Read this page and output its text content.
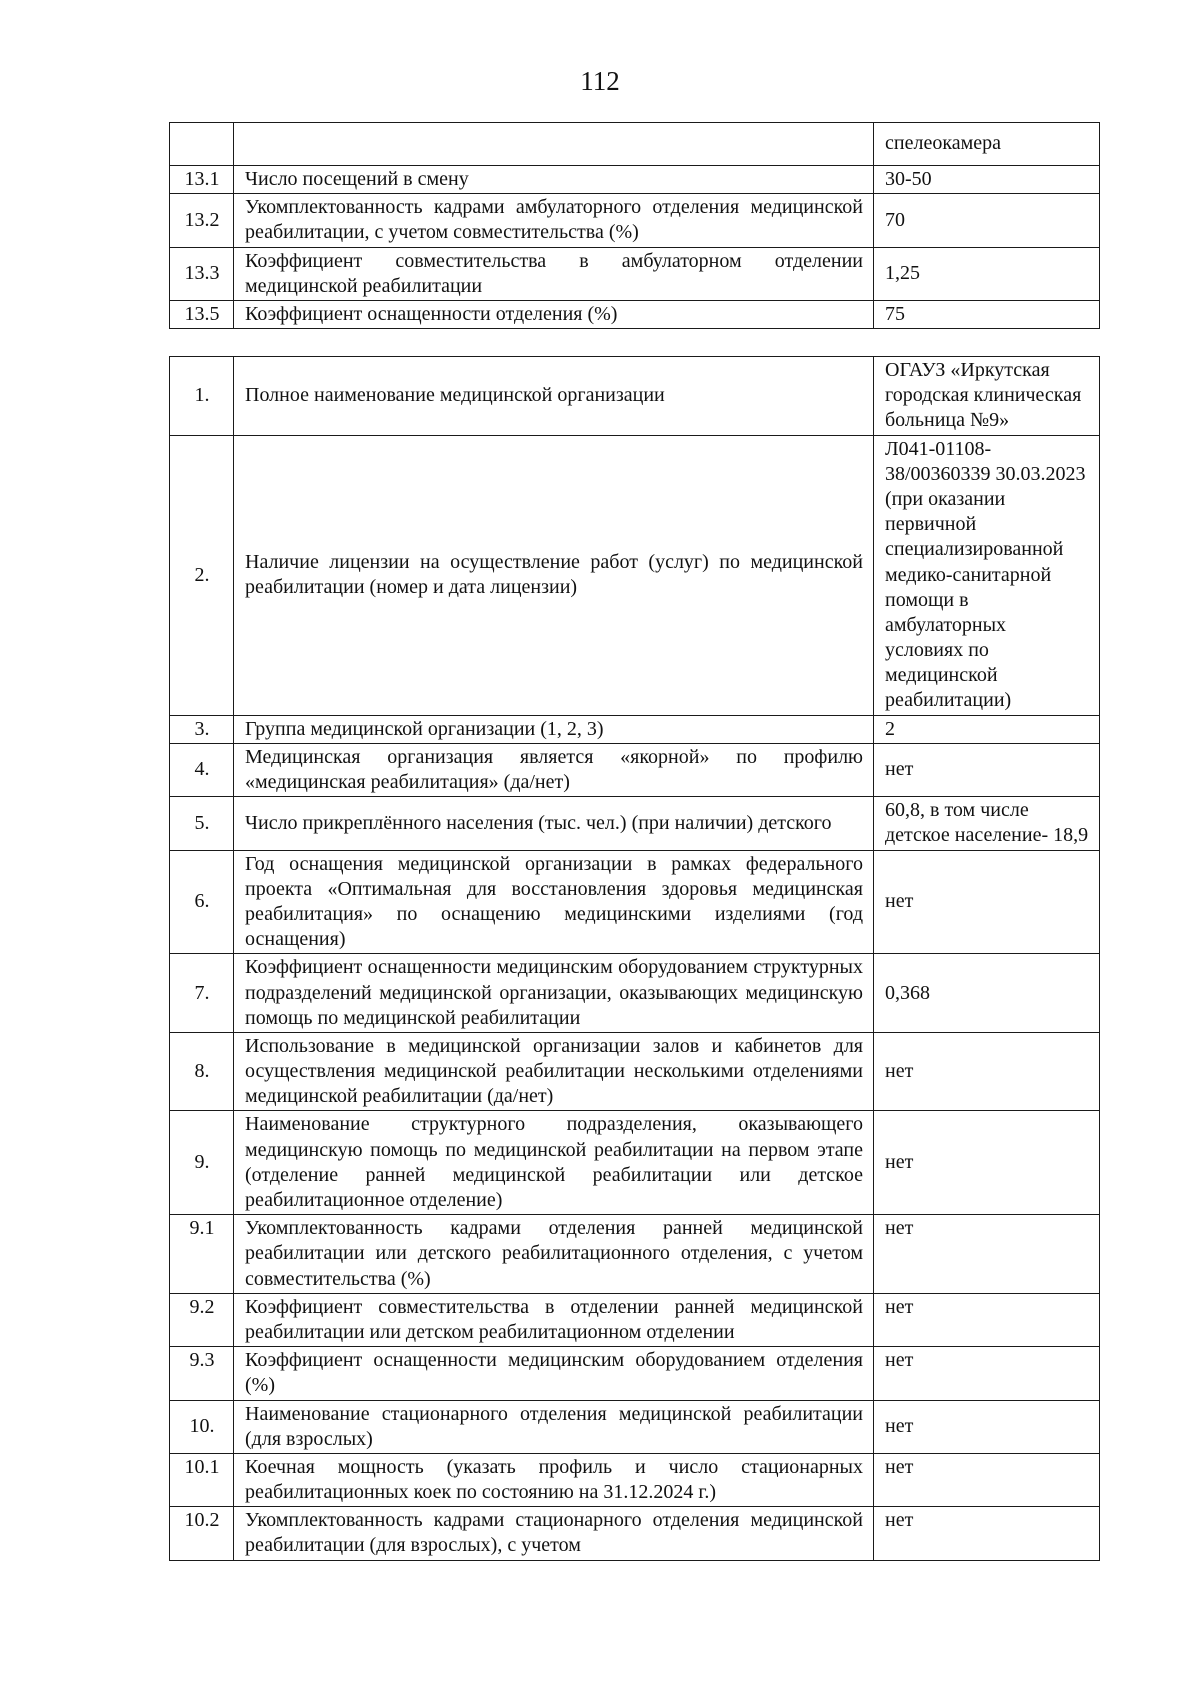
112
		спелеокамера
13.1	Число посещений в смену	30-50
13.2	Укомплектованность кадрами амбулаторного отделения медицинской реабилитации, с учетом совместительства (%)	70
13.3	Коэффициент совместительства в амбулаторном отделении медицинской реабилитации	1,25
13.5	Коэффициент оснащенности отделения (%)	75
1.	Полное наименование медицинской организации	ОГАУЗ «Иркутская городская клиническая больница №9»
2.	Наличие лицензии на осуществление работ (услуг) по медицинской реабилитации (номер и дата лицензии)	Л041-01108-38/00360339 30.03.2023 (при оказании первичной специализированной медико-санитарной помощи в амбулаторных условиях по медицинской реабилитации)
3.	Группа медицинской организации (1, 2, 3)	2
4.	Медицинская организация является «якорной» по профилю «медицинская реабилитация» (да/нет)	нет
5.	Число прикреплённого населения (тыс. чел.) (при наличии) детского	60,8, в том числе детское население- 18,9
6.	Год оснащения медицинской организации в рамках федерального проекта «Оптимальная для восстановления здоровья медицинская реабилитация» по оснащению медицинскими изделиями (год оснащения)	нет
7.	Коэффициент оснащенности медицинским оборудованием структурных подразделений медицинской организации, оказывающих медицинскую помощь по медицинской реабилитации	0,368
8.	Использование в медицинской организации залов и кабинетов для осуществления медицинской реабилитации несколькими отделениями медицинской реабилитации (да/нет)	нет
9.	Наименование структурного подразделения, оказывающего медицинскую помощь по медицинской реабилитации на первом этапе (отделение ранней медицинской реабилитации или детское реабилитационное отделение)	нет
9.1	Укомплектованность кадрами отделения ранней медицинской реабилитации или детского реабилитационного отделения, с учетом совместительства (%)	нет
9.2	Коэффициент совместительства в отделении ранней медицинской реабилитации или детском реабилитационном отделении	нет
9.3	Коэффициент оснащенности медицинским оборудованием отделения (%)	нет
10.	Наименование стационарного отделения медицинской реабилитации (для взрослых)	нет
10.1	Коечная мощность (указать профиль и число стационарных реабилитационных коек по состоянию на 31.12.2024 г.)	нет
10.2	Укомплектованность кадрами стационарного отделения медицинской реабилитации (для взрослых), с учетом	нет
